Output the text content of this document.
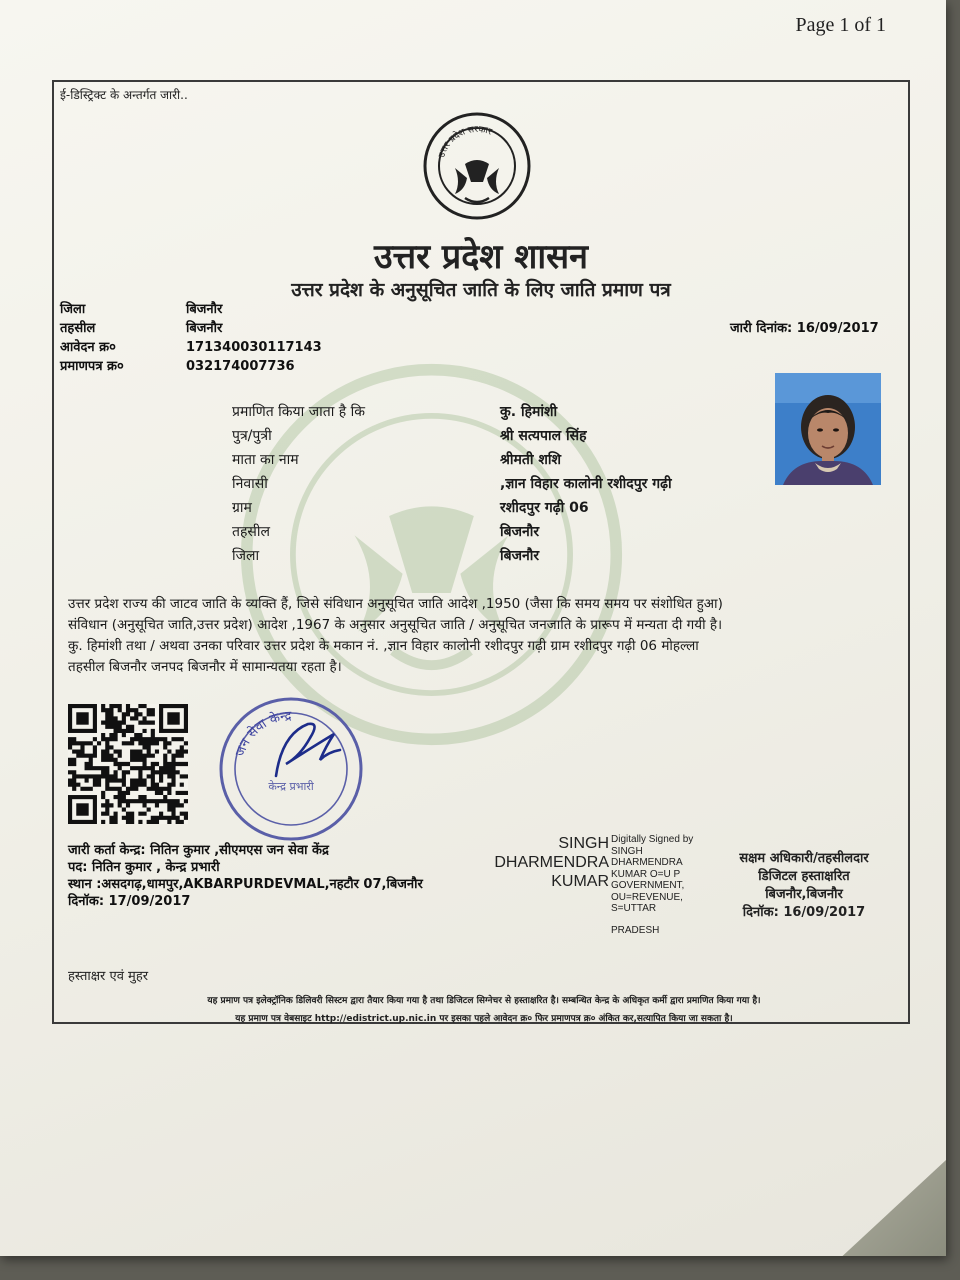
Page 1 of 1
ई-डिस्ट्रिक्ट के अन्तर्गत जारी..
उत्तर प्रदेश सरकार
उत्तर प्रदेश शासन
उत्तर प्रदेश के अनुसूचित जाति के लिए जाति प्रमाण पत्र
जिला	बिजनौर
तहसील	बिजनौर
आवेदन क्र०	171340030117143
प्रमाणपत्र क्र०	032174007736
जारी दिनांक: 16/09/2017
प्रमाणित किया जाता है कि	कु. हिमांशी
पुत्र/पुत्री	श्री सत्यपाल सिंह
माता का नाम	श्रीमती शशि
निवासी	,ज्ञान विहार कालोनी रशीदपुर गढ़ी
ग्राम	रशीदपुर गढ़ी 06
तहसील	बिजनौर
जिला	बिजनौर

उत्तर प्रदेश राज्य की जाटव जाति के व्यक्ति हैं, जिसे संविधान अनुसूचित जाति आदेश ,1950 (जैसा कि समय समय पर संशोधित हुआ)

संविधान (अनुसूचित जाति,उत्तर प्रदेश) आदेश ,1967 के अनुसार अनुसूचित जाति / अनुसूचित जनजाति के प्रारूप में मन्यता दी गयी है।

कु. हिमांशी तथा / अथवा उनका परिवार उत्तर प्रदेश के मकान नं. ,ज्ञान विहार कालोनी रशीदपुर गढ़ी ग्राम रशीदपुर गढ़ी 06 मोहल्ला

तहसील बिजनौर जनपद बिजनौर में सामान्यतया रहता है।

जन सेवा केन्द्र
केन्द्र प्रभारी
जारी कर्ता केन्द्र: नितिन कुमार ,सीएमएस जन सेवा केंद्र
पद: नितिन कुमार , केन्द्र प्रभारी
स्थान :असदगढ़,धामपुर,AKBARPURDEVMAL,नहटौर 07,बिजनौर
दिनॉक: 17/09/2017
SINGH
DHARMENDRA
KUMAR
Digitally Signed by
SINGH
DHARMENDRA
KUMAR O=U P
GOVERNMENT,
OU=REVENUE,
S=UTTAR
PRADESH
सक्षम अधिकारी/तहसीलदार
डिजिटल हस्ताक्षरित
बिजनौर,बिजनौर
दिनॉक: 16/09/2017
हस्ताक्षर एवं मुहर
यह प्रमाण पत्र इलेक्ट्रॉनिक डिलिवरी सिस्टम द्वारा तैयार किया गया है तथा डिजिटल सिग्नेचर से हस्ताक्षरित है। सम्बन्धित केन्द्र के अधिकृत कर्मी द्वारा प्रमाणित किया गया है।
यह प्रमाण पत्र वेबसाइट http://edistrict.up.nic.in पर इसका पहले आवेदन क्र० फिर प्रमाणपत्र क्र० अंकित कर,सत्यापित किया जा सकता है।
